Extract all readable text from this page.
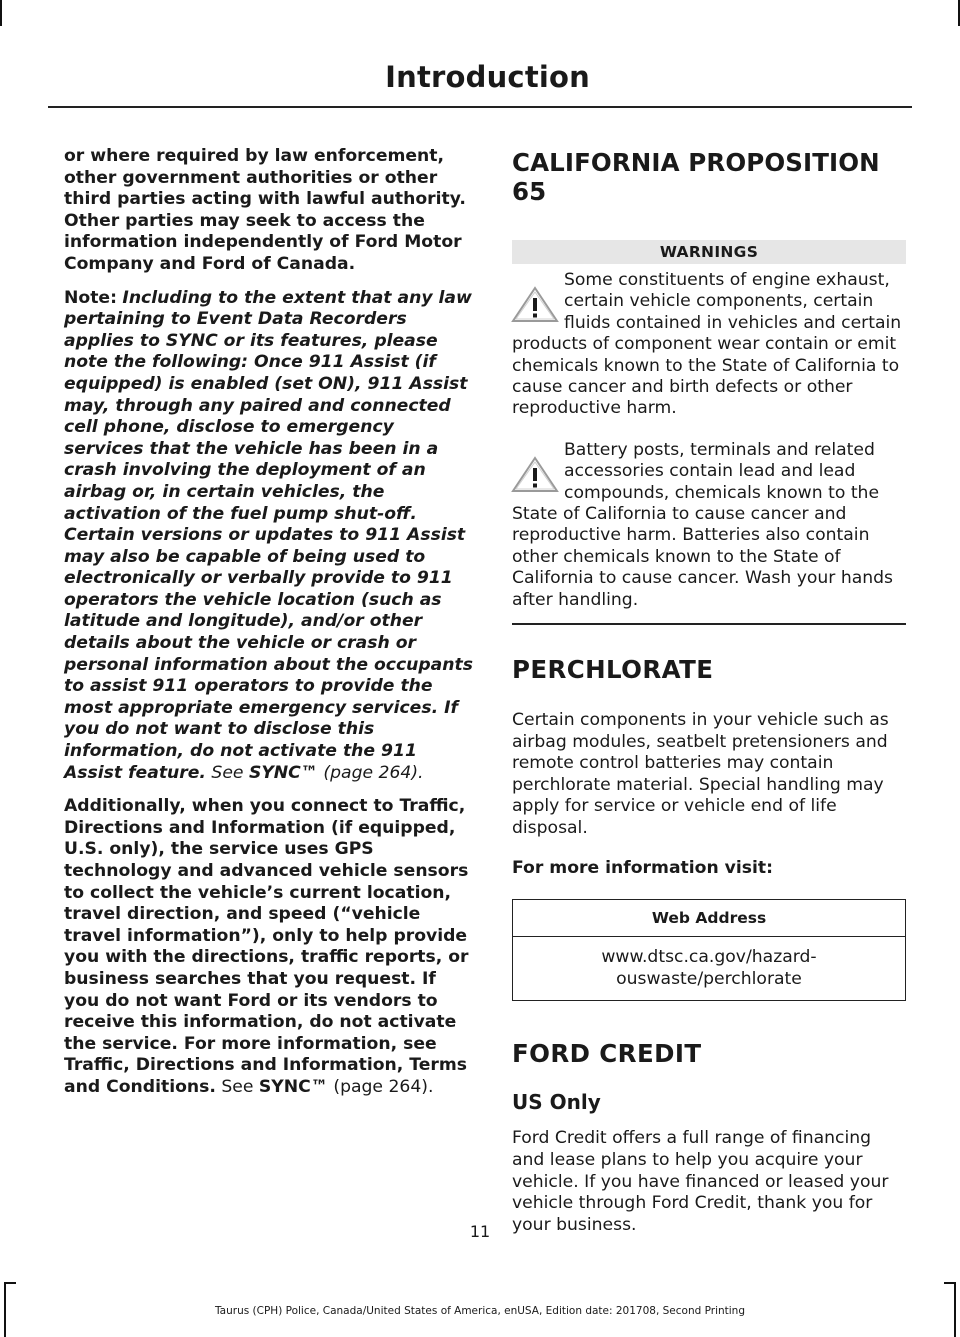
Introduction

or where required by law enforcement, other government authorities or other third parties acting with lawful authority. Other parties may seek to access the information independently of Ford Motor Company and Ford of Canada.

Note: Including to the extent that any law pertaining to Event Data Recorders applies to SYNC or its features, please note the following: Once 911 Assist (if equipped) is enabled (set ON), 911 Assist may, through any paired and connected cell phone, disclose to emergency services that the vehicle has been in a crash involving the deployment of an airbag or, in certain vehicles, the activation of the fuel pump shut-off. Certain versions or updates to 911 Assist may also be capable of being used to electronically or verbally provide to 911 operators the vehicle location (such as latitude and longitude), and/or other details about the vehicle or crash or personal information about the occupants to assist 911 operators to provide the most appropriate emergency services. If you do not want to disclose this information, do not activate the 911 Assist feature. See SYNC™ (page 264).

Additionally, when you connect to Traffic, Directions and Information (if equipped, U.S. only), the service uses GPS technology and advanced vehicle sensors to collect the vehicle’s current location, travel direction, and speed (“vehicle travel information”), only to help provide you with the directions, traffic reports, or business searches that you request. If you do not want Ford or its vendors to receive this information, do not activate the service. For more information, see Traffic, Directions and Information, Terms and Conditions. See SYNC™ (page 264).

CALIFORNIA PROPOSITION 65
WARNINGS
Some constituents of engine exhaust, certain vehicle components, certain fluids contained in vehicles and certain products of component wear contain or emit chemicals known to the State of California to cause cancer and birth defects or other reproductive harm.
Battery posts, terminals and related accessories contain lead and lead compounds, chemicals known to the State of California to cause cancer and reproductive harm. Batteries also contain other chemicals known to the State of California to cause cancer. Wash your hands after handling.
PERCHLORATE

Certain components in your vehicle such as airbag modules, seatbelt pretensioners and remote control batteries may contain perchlorate material. Special handling may apply for service or vehicle end of life disposal.

For more information visit:

Web Address
www.dtsc.ca.gov/hazard-ouswaste/perchlorate
FORD CREDIT
US Only

Ford Credit offers a full range of financing and lease plans to help you acquire your vehicle. If you have financed or leased your vehicle through Ford Credit, thank you for your business.

11
Taurus (CPH) Police, Canada/United States of America, enUSA, Edition date: 201708, Second Printing
